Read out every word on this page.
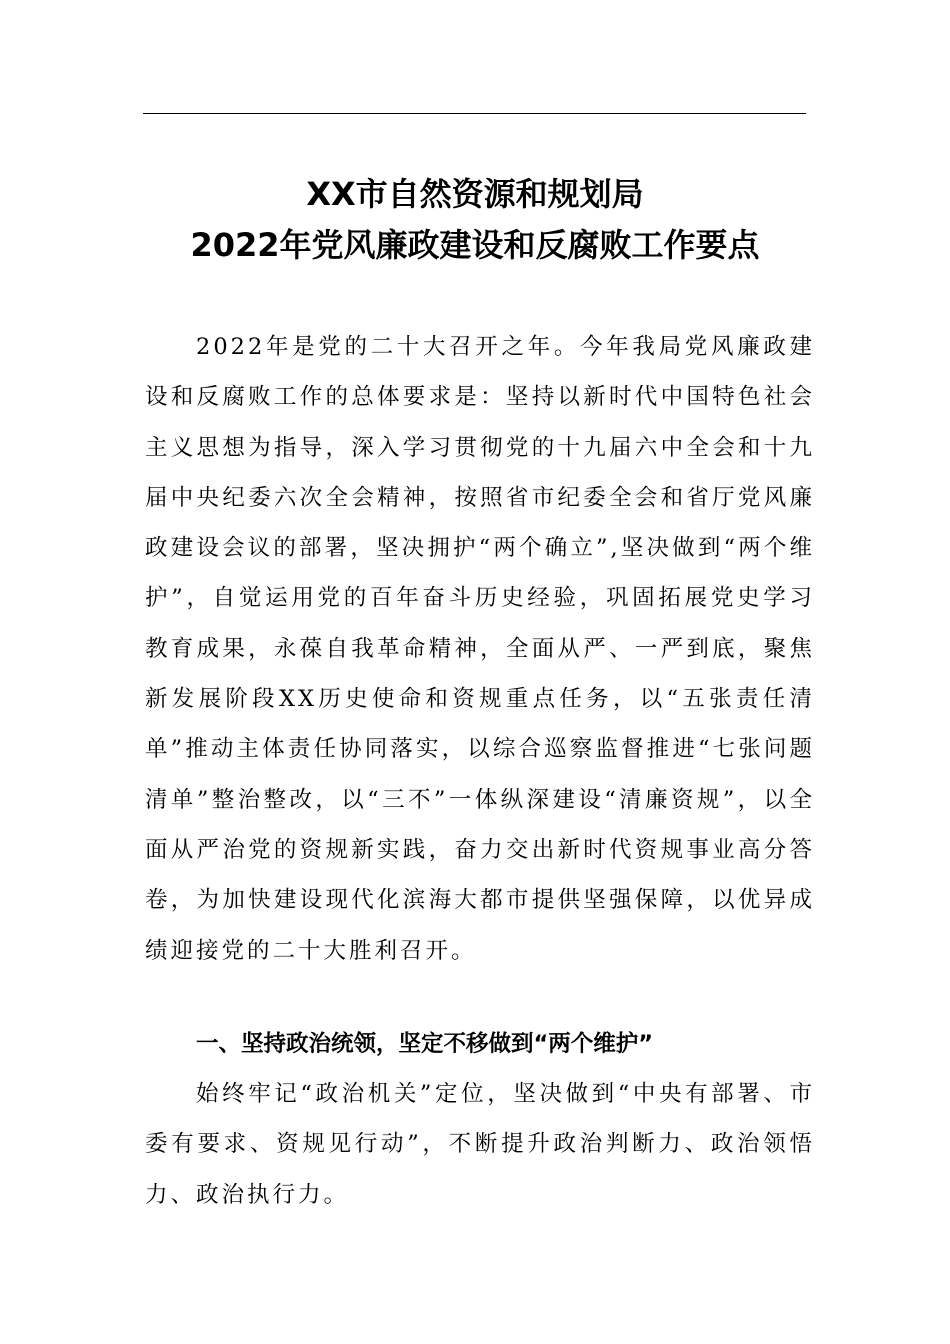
XX市自然资源和规划局
2022年党风廉政建设和反腐败工作要点

2022年是党的二十大召开之年。今年我局党风廉政建设和反腐败工作的总体要求是：坚持以新时代中国特色社会主义思想为指导，深入学习贯彻党的十九届六中全会和十九届中央纪委六次全会精神，按照省市纪委全会和省厅党风廉政建设会议的部署，坚决拥护“两个确立”,坚决做到“两个维护”，自觉运用党的百年奋斗历史经验，巩固拓展党史学习教育成果，永葆自我革命精神，全面从严、一严到底，聚焦新发展阶段XX历史使命和资规重点任务，以“五张责任清单”推动主体责任协同落实，以综合巡察监督推进“七张问题清单”整治整改，以“三不”一体纵深建设“清廉资规”，以全面从严治党的资规新实践，奋力交出新时代资规事业高分答卷，为加快建设现代化滨海大都市提供坚强保障，以优异成绩迎接党的二十大胜利召开。

一、坚持政治统领，坚定不移做到“两个维护”

始终牢记“政治机关”定位，坚决做到“中央有部署、市委有要求、资规见行动”，不断提升政治判断力、政治领悟力、政治执行力。
